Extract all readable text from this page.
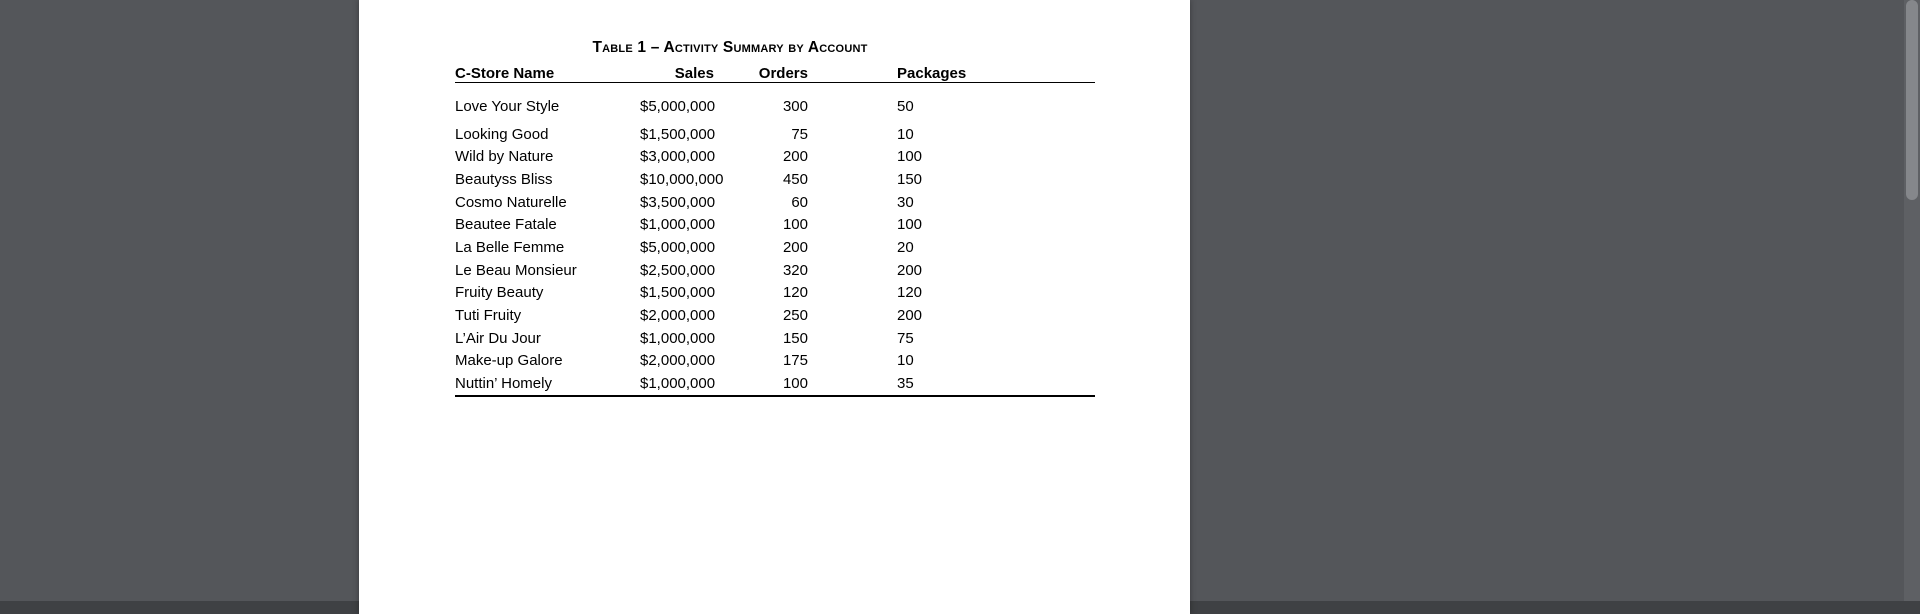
Table 1 – Activity Summary by Account
C-Store Name	Sales	Orders	Packages
Love Your Style	$5,000,000	300	50
Looking Good	$1,500,000	75	10
Wild by Nature	$3,000,000	200	100
Beautyss Bliss	$10,000,000	450	150
Cosmo Naturelle	$3,500,000	60	30
Beautee Fatale	$1,000,000	100	100
La Belle Femme	$5,000,000	200	20
Le Beau Monsieur	$2,500,000	320	200
Fruity Beauty	$1,500,000	120	120
Tuti Fruity	$2,000,000	250	200
L’Air Du Jour	$1,000,000	150	75
Make-up Galore	$2,000,000	175	10
Nuttin’ Homely	$1,000,000	100	35
